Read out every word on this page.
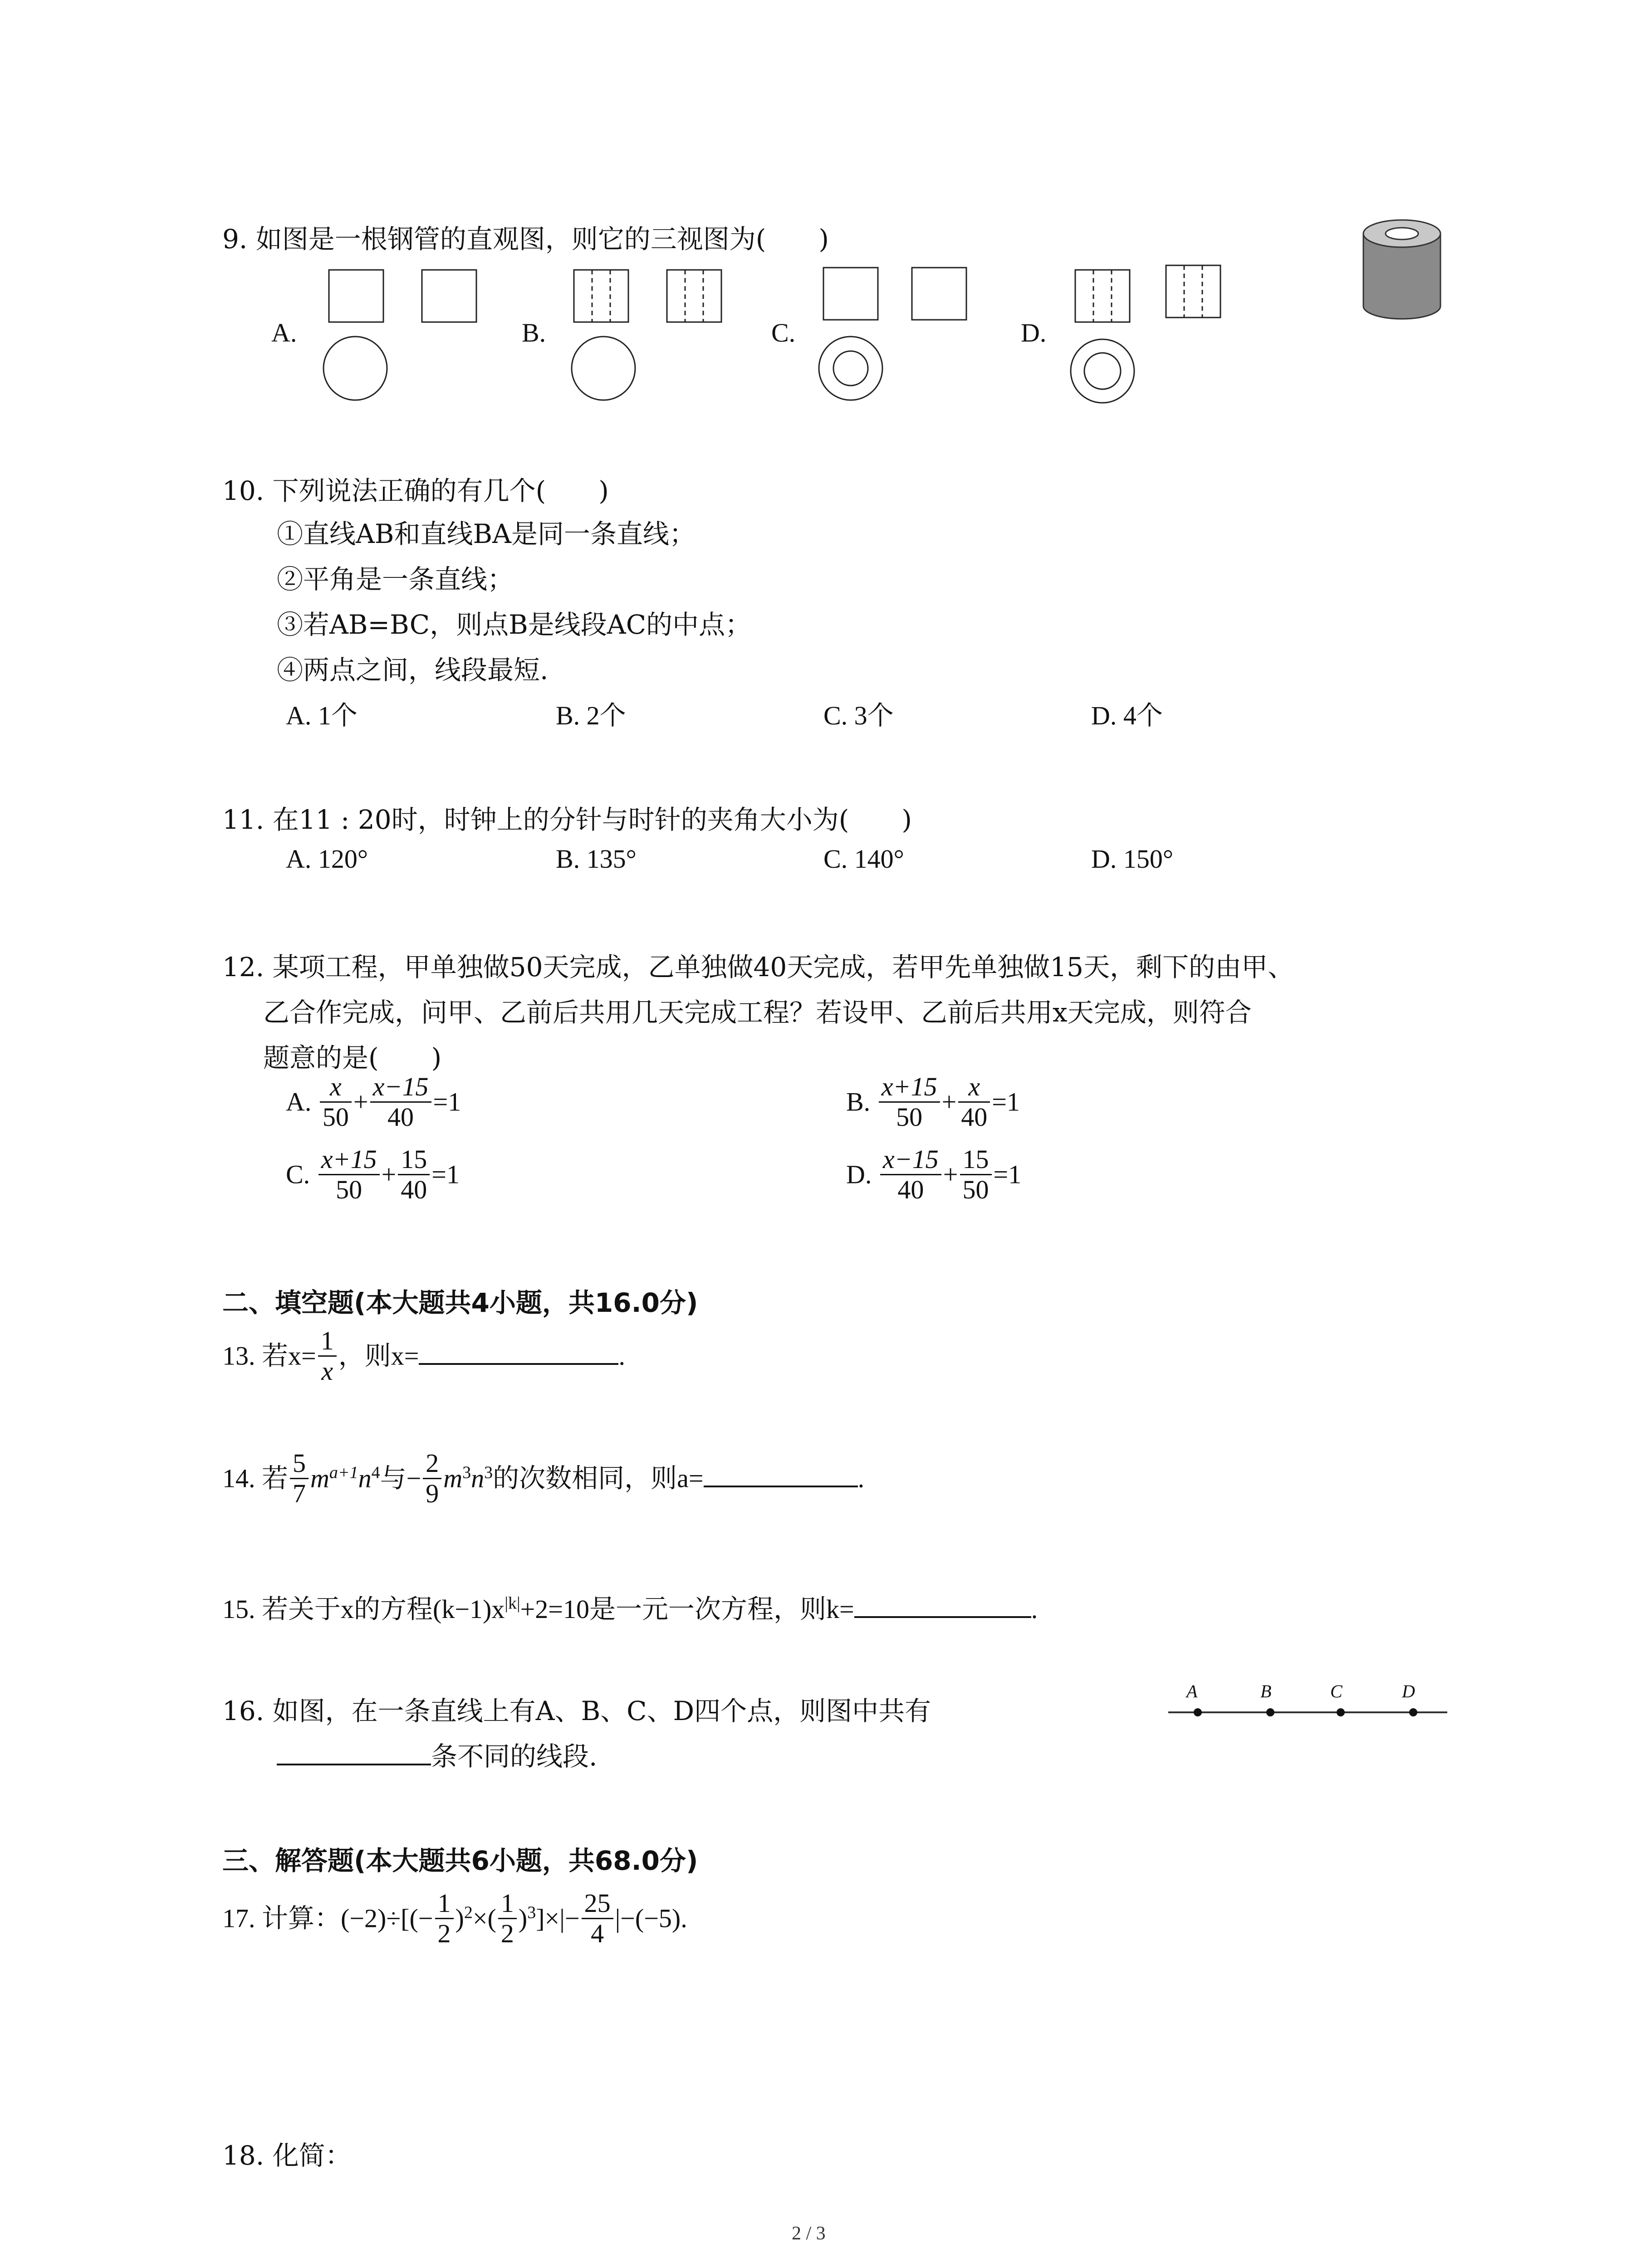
9. 如图是一根钢管的直观图，则它的三视图为(　　)
A.	B.	C.	D.
10. 下列说法正确的有几个(　　)
①直线AB和直线BA是同一条直线；
②平角是一条直线；
③若AB=BC，则点B是线段AC的中点；
④两点之间，线段最短.
A. 1个	B. 2个	C. 3个	D. 4个
11. 在11 : 20时，时钟上的分针与时针的夹角大小为(　　)
A. 120°	B. 135°	C. 140°	D. 150°
12. 某项工程，甲单独做50天完成，乙单独做40天完成，若甲先单独做15天，剩下的由甲、
乙合作完成，问甲、乙前后共用几天完成工程？若设甲、乙前后共用x天完成，则符合
题意的是(　　)
A. $\frac{x}{50} + \frac{x-15}{40} =1$	B. $\frac{x+15}{50} + \frac{x}{40} =1$
C. $\frac{x+15}{50} + \frac{15}{40} =1$	D. $\frac{x-15}{40} + \frac{15}{50} =1$
二、填空题(本大题共4小题，共16.0分)
13. 若$x= \frac{1}{x}$ ，则x=	.
14. 若 $\frac{5}{7} m^{a+1}n^4$与− $\frac{2}{9} m^3n^3$的次数相同，则a=	.
15. 若关于x的方程$(k-1)x^{|k|}+2=10$是一元一次方程，则k=	.
16. 如图，在一条直线上有A、B、C、D四个点，则图中共有
条不同的线段.
A	B	C	D
三、解答题(本大题共6小题，共68.0分)
17. 计算：$(-2)\div[(- \frac{1}{2} )^2\times( \frac{1}{2} )^3]\times|- \frac{25}{4} |-(-5)$.
18. 化简：
2 / 3
